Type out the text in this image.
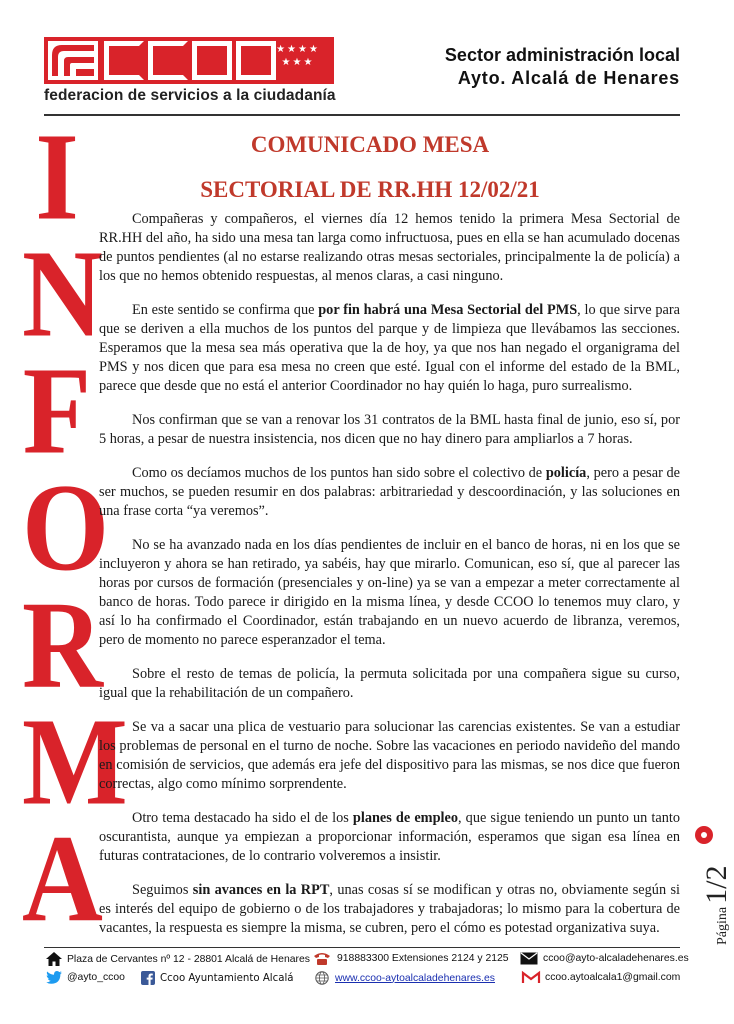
★★★★
★★★
federacion de servicios a la ciudadanía
Sector administración local
Ayto. Alcalá de Henares
I
N
F
O
R
M
A
COMUNICADO MESA
SECTORIAL DE RR.HH 12/02/21

Compañeras y compañeros, el viernes día 12 hemos tenido la primera Mesa Sectorial de RR.HH del año, ha sido una mesa tan larga como infructuosa, pues en ella se han acumulado docenas de puntos pendientes (al no estarse realizando otras mesas sectoriales, principalmente la de policía) a los que no hemos obtenido respuestas, al menos claras, a casi ninguno.

En este sentido se confirma que por fin habrá una Mesa Sectorial del PMS, lo que sirve para que se deriven a ella muchos de los puntos del parque y de limpieza que llevábamos las secciones. Esperamos que la mesa sea más operativa que la de hoy, ya que nos han negado el organigrama del PMS y nos dicen que para esa mesa no creen que esté. Igual con el informe del estado de la BML, parece que desde que no está el anterior Coordinador no hay quién lo haga, puro surrealismo.

Nos confirman que se van a renovar los 31 contratos de la BML hasta final de junio, eso sí, por 5 horas, a pesar de nuestra insistencia, nos dicen que no hay dinero para ampliarlos a 7 horas.

Como os decíamos muchos de los puntos han sido sobre el colectivo de policía, pero a pesar de ser muchos, se pueden resumir en dos palabras: arbitrariedad y descoordinación, y las soluciones en una frase corta “ya veremos”.

No se ha avanzado nada en los días pendientes de incluir en el banco de horas, ni en los que se incluyeron y ahora se han retirado, ya sabéis, hay que mirarlo. Comunican, eso sí, que al parecer las horas por cursos de formación (presenciales y on-line) ya se van a empezar a meter correctamente al banco de horas. Todo parece ir dirigido en la misma línea, y desde CCOO lo tenemos muy claro, y así lo ha confirmado el Coordinador, están trabajando en un nuevo acuerdo de libranza, veremos, pero de momento no parece esperanzador el tema.

Sobre el resto de temas de policía, la permuta solicitada por una compañera sigue su curso, igual que la rehabilitación de un compañero.

Se va a sacar una plica de vestuario para solucionar las carencias existentes. Se van a estudiar los problemas de personal en el turno de noche. Sobre las vacaciones en periodo navideño del mando en comisión de servicios, que además era jefe del dispositivo para las mismas, se nos dice que fueron correctas, algo como mínimo sorprendente.

Otro tema destacado ha sido el de los planes de empleo, que sigue teniendo un punto un tanto oscurantista, aunque ya empiezan a proporcionar información, esperamos que sigan esa línea en futuras contrataciones, de lo contrario volveremos a insistir.

Seguimos sin avances en la RPT, unas cosas sí se modifican y otras no, obviamente según si es interés del equipo de gobierno o de los trabajadores y trabajadoras; lo mismo para la cobertura de vacantes, la respuesta es siempre la misma, se cubren, pero el cómo es potestad organizativa suya.	Página1/2
Plaza de Cervantes nº 12 - 28801 Alcalá de Henares	918883300 Extensiones 2124 y 2125	ccoo@ayto-alcaladehenares.es
@ayto_ccoo	Ccoo Ayuntamiento Alcalá	www.ccoo-aytoalcaladehenares.es	ccoo.aytoalcala1@gmail.com
